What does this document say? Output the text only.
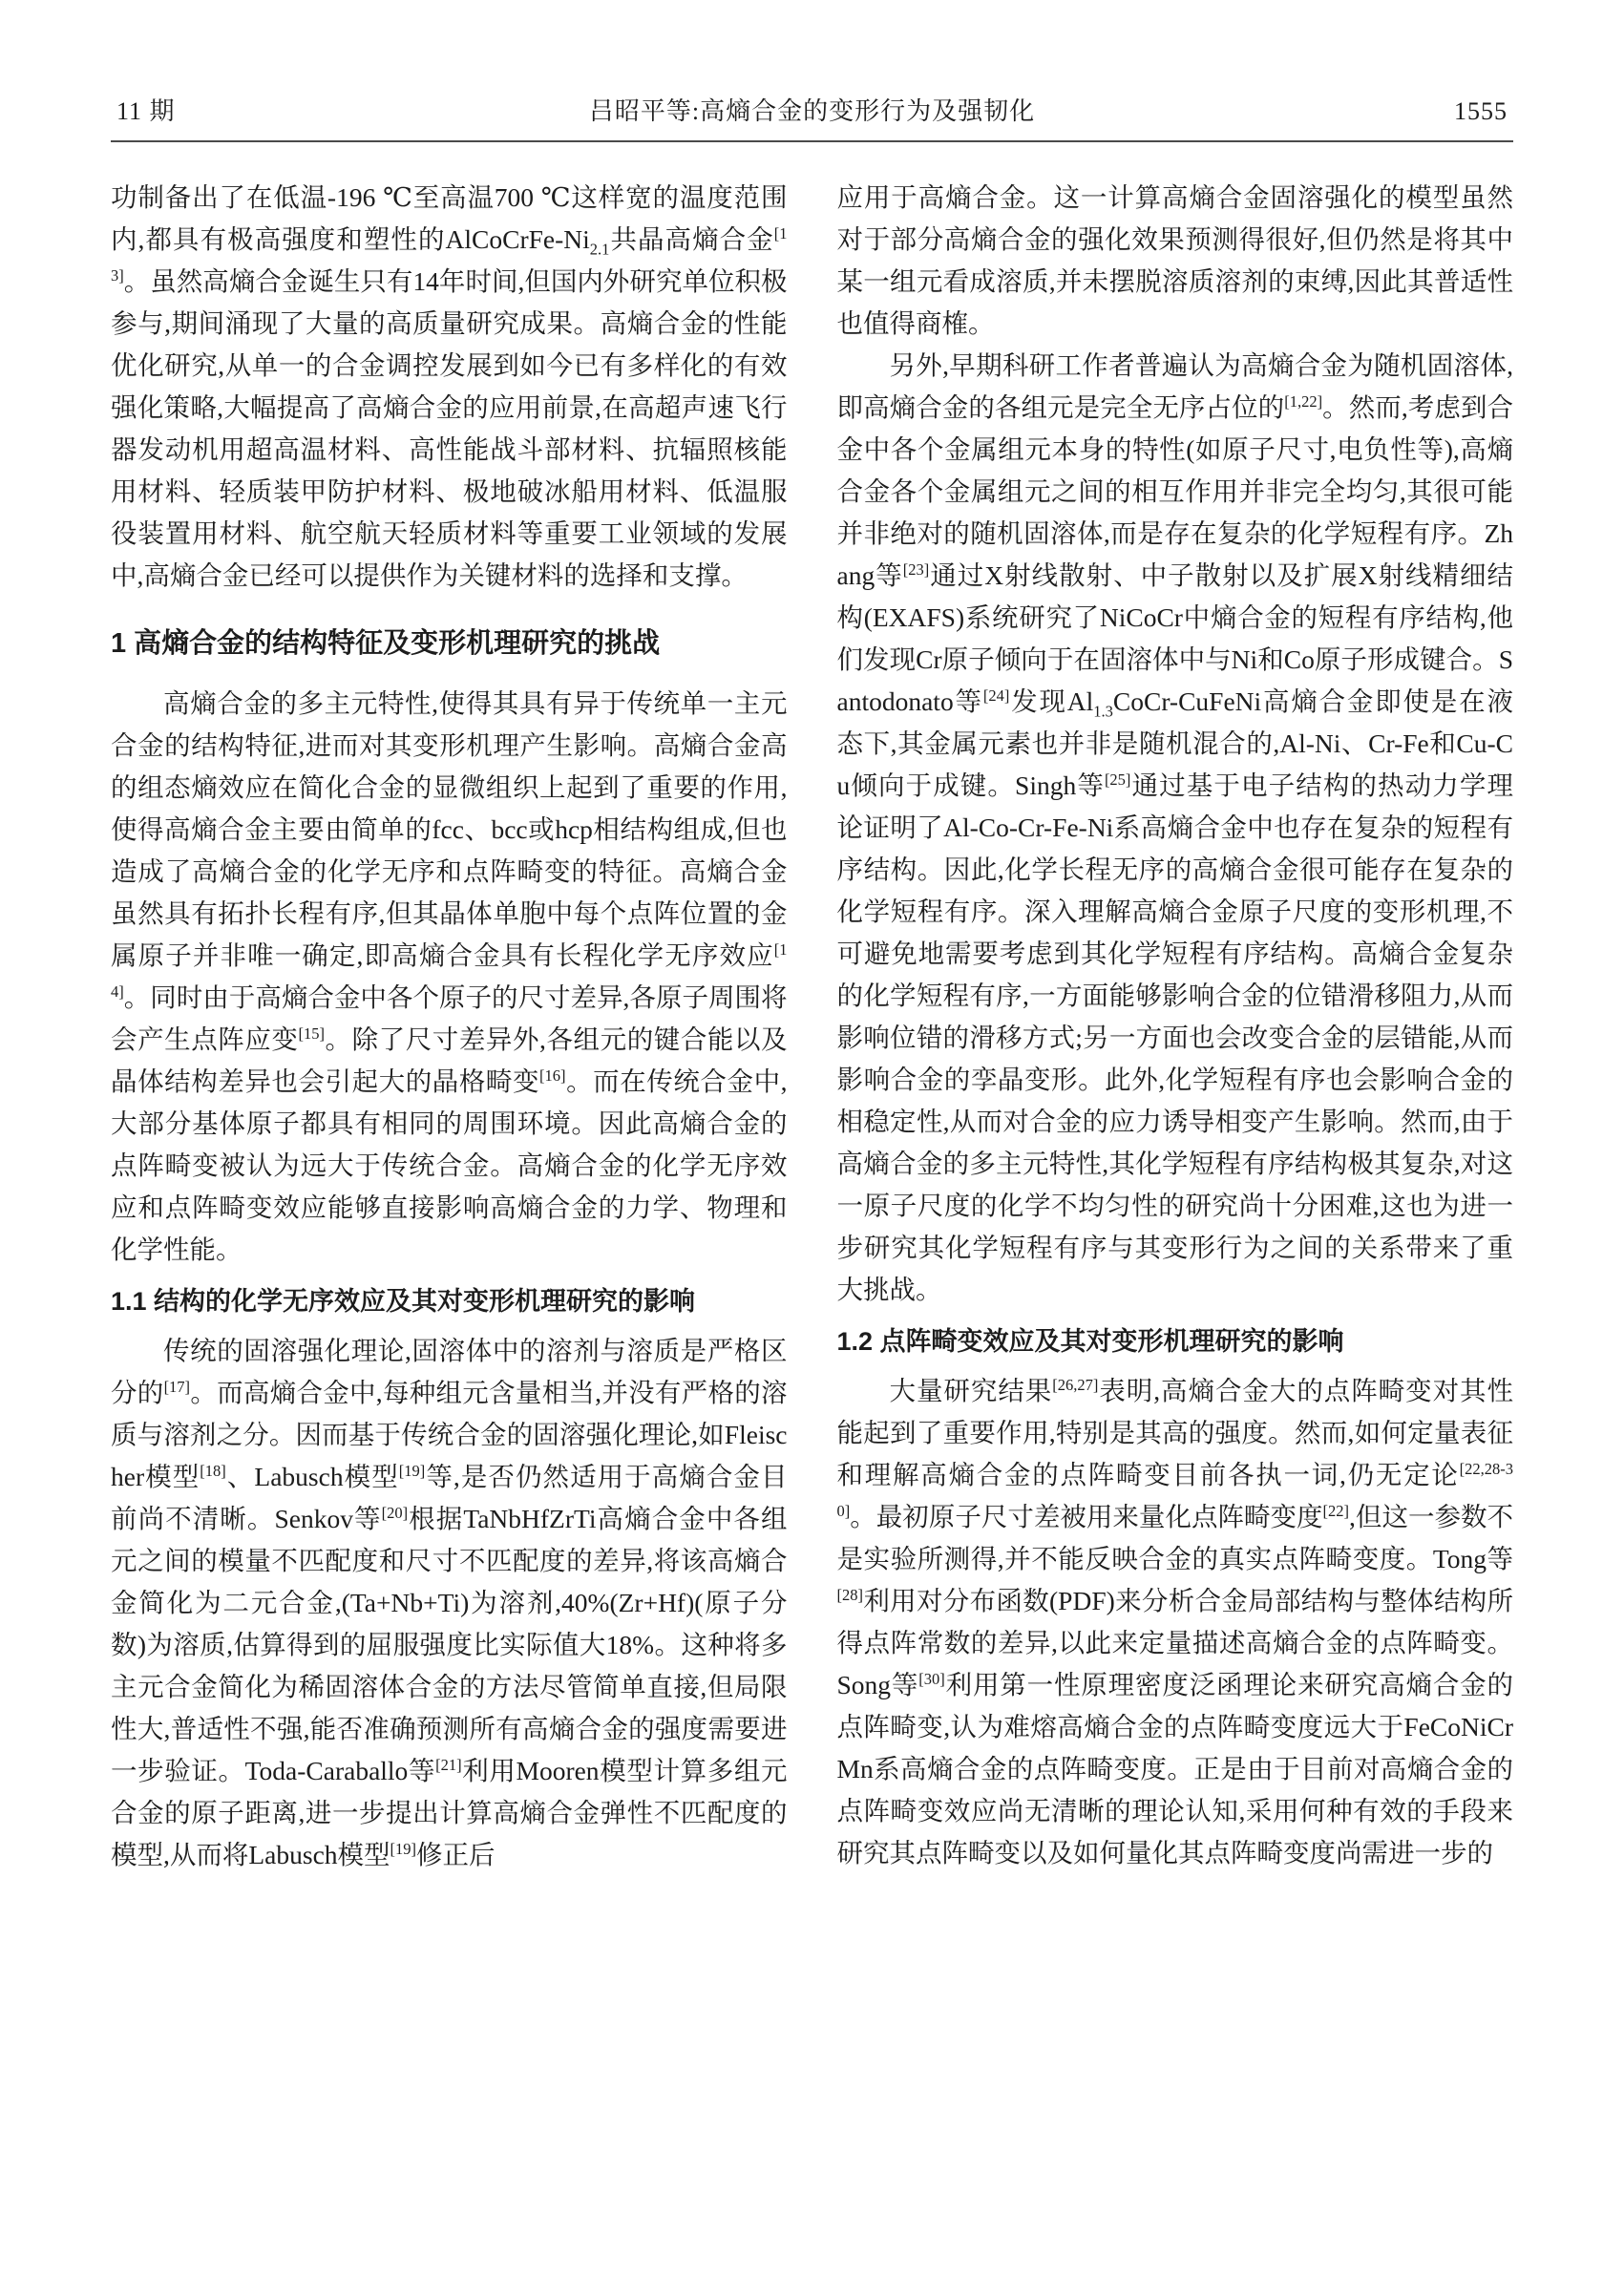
11 期	吕昭平等:高熵合金的变形行为及强韧化	1555

功制备出了在低温-196 ℃至高温700 ℃这样宽的温度范围内,都具有极高强度和塑性的AlCoCrFe-$Ni_{2.1}$共晶高熵合金[13]。虽然高熵合金诞生只有14年时间,但国内外研究单位积极参与,期间涌现了大量的高质量研究成果。高熵合金的性能优化研究,从单一的合金调控发展到如今已有多样化的有效强化策略,大幅提高了高熵合金的应用前景,在高超声速飞行器发动机用超高温材料、高性能战斗部材料、抗辐照核能用材料、轻质装甲防护材料、极地破冰船用材料、低温服役装置用材料、航空航天轻质材料等重要工业领域的发展中,高熵合金已经可以提供作为关键材料的选择和支撑。

1 高熵合金的结构特征及变形机理研究的挑战

高熵合金的多主元特性,使得其具有异于传统单一主元合金的结构特征,进而对其变形机理产生影响。高熵合金高的组态熵效应在简化合金的显微组织上起到了重要的作用,使得高熵合金主要由简单的fcc、bcc或hcp相结构组成,但也造成了高熵合金的化学无序和点阵畸变的特征。高熵合金虽然具有拓扑长程有序,但其晶体单胞中每个点阵位置的金属原子并非唯一确定,即高熵合金具有长程化学无序效应[14]。同时由于高熵合金中各个原子的尺寸差异,各原子周围将会产生点阵应变[15]。除了尺寸差异外,各组元的键合能以及晶体结构差异也会引起大的晶格畸变[16]。而在传统合金中,大部分基体原子都具有相同的周围环境。因此高熵合金的点阵畸变被认为远大于传统合金。高熵合金的化学无序效应和点阵畸变效应能够直接影响高熵合金的力学、物理和化学性能。

1.1 结构的化学无序效应及其对变形机理研究的影响

传统的固溶强化理论,固溶体中的溶剂与溶质是严格区分的[17]。而高熵合金中,每种组元含量相当,并没有严格的溶质与溶剂之分。因而基于传统合金的固溶强化理论,如Fleischer模型[18]、Labusch模型[19]等,是否仍然适用于高熵合金目前尚不清晰。Senkov等[20]根据TaNbHfZrTi高熵合金中各组元之间的模量不匹配度和尺寸不匹配度的差异,将该高熵合金简化为二元合金,(Ta+Nb+Ti)为溶剂,40%(Zr+Hf)(原子分数)为溶质,估算得到的屈服强度比实际值大18%。这种将多主元合金简化为稀固溶体合金的方法尽管简单直接,但局限性大,普适性不强,能否准确预测所有高熵合金的强度需要进一步验证。Toda-Caraballo等[21]利用Mooren模型计算多组元合金的原子距离,进一步提出计算高熵合金弹性不匹配度的模型,从而将Labusch模型[19]修正后

应用于高熵合金。这一计算高熵合金固溶强化的模型虽然对于部分高熵合金的强化效果预测得很好,但仍然是将其中某一组元看成溶质,并未摆脱溶质溶剂的束缚,因此其普适性也值得商榷。

另外,早期科研工作者普遍认为高熵合金为随机固溶体,即高熵合金的各组元是完全无序占位的[1,22]。然而,考虑到合金中各个金属组元本身的特性(如原子尺寸,电负性等),高熵合金各个金属组元之间的相互作用并非完全均匀,其很可能并非绝对的随机固溶体,而是存在复杂的化学短程有序。Zhang等[23]通过X射线散射、中子散射以及扩展X射线精细结构(EXAFS)系统研究了NiCoCr中熵合金的短程有序结构,他们发现Cr原子倾向于在固溶体中与Ni和Co原子形成键合。Santodonato等[24]发现$Al_{1.3}CoCr$-CuFeNi高熵合金即使是在液态下,其金属元素也并非是随机混合的,Al-Ni、Cr-Fe和Cu-Cu倾向于成键。Singh等[25]通过基于电子结构的热动力学理论证明了Al-Co-Cr-Fe-Ni系高熵合金中也存在复杂的短程有序结构。因此,化学长程无序的高熵合金很可能存在复杂的化学短程有序。深入理解高熵合金原子尺度的变形机理,不可避免地需要考虑到其化学短程有序结构。高熵合金复杂的化学短程有序,一方面能够影响合金的位错滑移阻力,从而影响位错的滑移方式;另一方面也会改变合金的层错能,从而影响合金的孪晶变形。此外,化学短程有序也会影响合金的相稳定性,从而对合金的应力诱导相变产生影响。然而,由于高熵合金的多主元特性,其化学短程有序结构极其复杂,对这一原子尺度的化学不均匀性的研究尚十分困难,这也为进一步研究其化学短程有序与其变形行为之间的关系带来了重大挑战。

1.2 点阵畸变效应及其对变形机理研究的影响

大量研究结果[26,27]表明,高熵合金大的点阵畸变对其性能起到了重要作用,特别是其高的强度。然而,如何定量表征和理解高熵合金的点阵畸变目前各执一词,仍无定论[22,28-30]。最初原子尺寸差被用来量化点阵畸变度[22],但这一参数不是实验所测得,并不能反映合金的真实点阵畸变度。Tong等[28]利用对分布函数(PDF)来分析合金局部结构与整体结构所得点阵常数的差异,以此来定量描述高熵合金的点阵畸变。Song等[30]利用第一性原理密度泛函理论来研究高熵合金的点阵畸变,认为难熔高熵合金的点阵畸变度远大于FeCoNiCrMn系高熵合金的点阵畸变度。正是由于目前对高熵合金的点阵畸变效应尚无清晰的理论认知,采用何种有效的手段来研究其点阵畸变以及如何量化其点阵畸变度尚需进一步的
